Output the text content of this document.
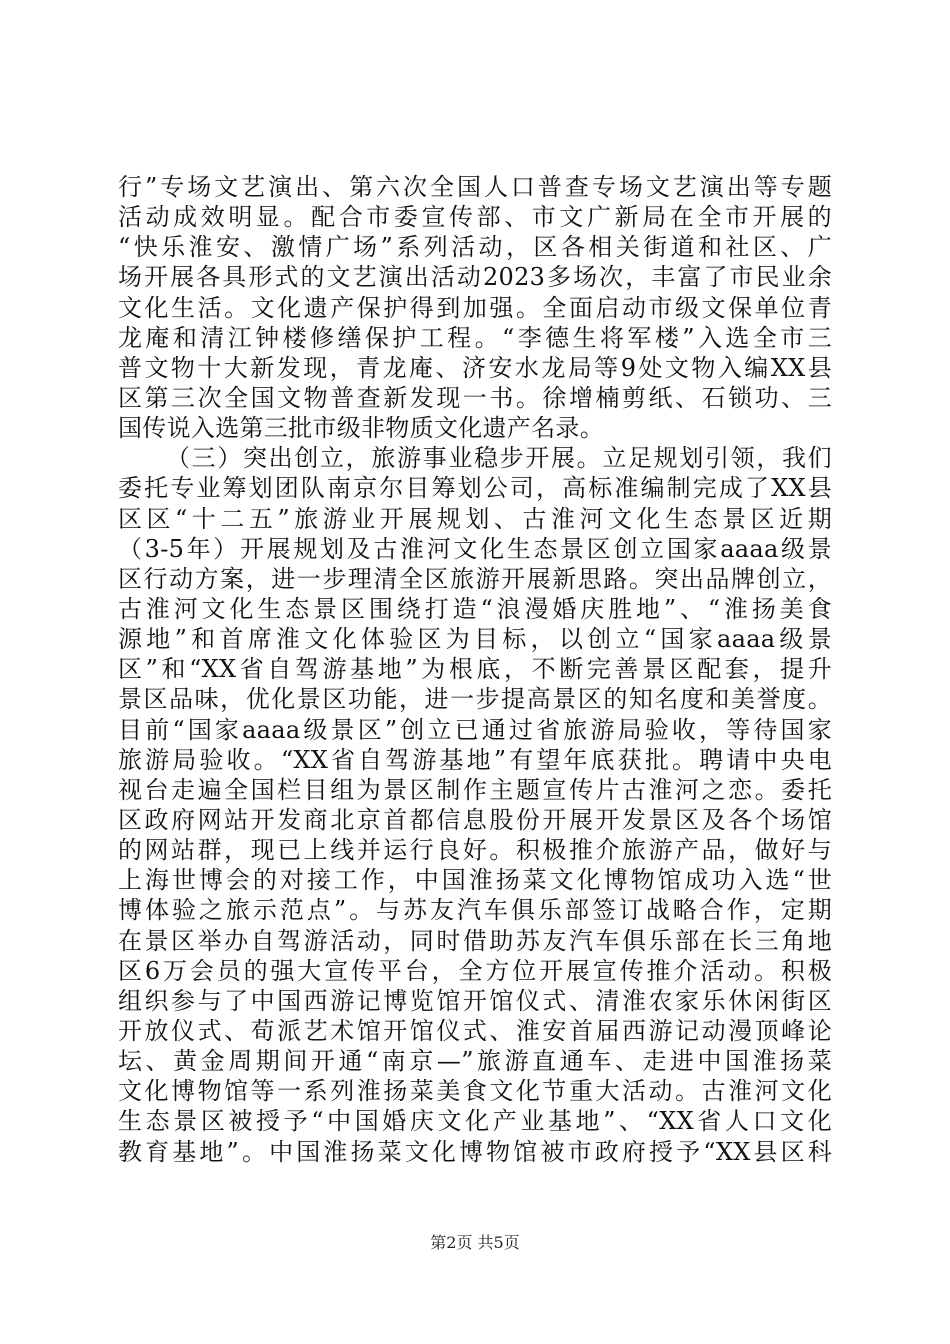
行”专场文艺演出、第六次全国人口普查专场文艺演出等专题
活动成效明显。配合市委宣传部、市文广新局在全市开展的
“快乐淮安、激情广场”系列活动，区各相关街道和社区、广
场开展各具形式的文艺演出活动2023多场次，丰富了市民业余
文化生活。文化遗产保护得到加强。全面启动市级文保单位青
龙庵和清江钟楼修缮保护工程。“李德生将军楼”入选全市三
普文物十大新发现，青龙庵、济安水龙局等9处文物入编XX县
区第三次全国文物普查新发现一书。徐增楠剪纸、石锁功、三
国传说入选第三批市级非物质文化遗产名录。
（三）突出创立，旅游事业稳步开展。立足规划引领，我们
委托专业筹划团队南京尔目筹划公司，高标准编制完成了XX县
区区“十二五”旅游业开展规划、古淮河文化生态景区近期
（3-5年）开展规划及古淮河文化生态景区创立国家aaaa级景
区行动方案，进一步理清全区旅游开展新思路。突出品牌创立，
古淮河文化生态景区围绕打造“浪漫婚庆胜地”、“淮扬美食
源地”和首席淮文化体验区为目标，以创立“国家aaaa级景
区”和“XX省自驾游基地”为根底，不断完善景区配套，提升
景区品味，优化景区功能，进一步提高景区的知名度和美誉度。
目前“国家aaaa级景区”创立已通过省旅游局验收，等待国家
旅游局验收。“XX省自驾游基地”有望年底获批。聘请中央电
视台走遍全国栏目组为景区制作主题宣传片古淮河之恋。委托
区政府网站开发商北京首都信息股份开展开发景区及各个场馆
的网站群，现已上线并运行良好。积极推介旅游产品，做好与
上海世博会的对接工作，中国淮扬菜文化博物馆成功入选“世
博体验之旅示范点”。与苏友汽车俱乐部签订战略合作，定期
在景区举办自驾游活动，同时借助苏友汽车俱乐部在长三角地
区6万会员的强大宣传平台，全方位开展宣传推介活动。积极
组织参与了中国西游记博览馆开馆仪式、清淮农家乐休闲街区
开放仪式、荀派艺术馆开馆仪式、淮安首届西游记动漫顶峰论
坛、黄金周期间开通“南京—”旅游直通车、走进中国淮扬菜
文化博物馆等一系列淮扬菜美食文化节重大活动。古淮河文化
生态景区被授予“中国婚庆文化产业基地”、“XX省人口文化
教育基地”。中国淮扬菜文化博物馆被市政府授予“XX县区科
第2页 共5页
